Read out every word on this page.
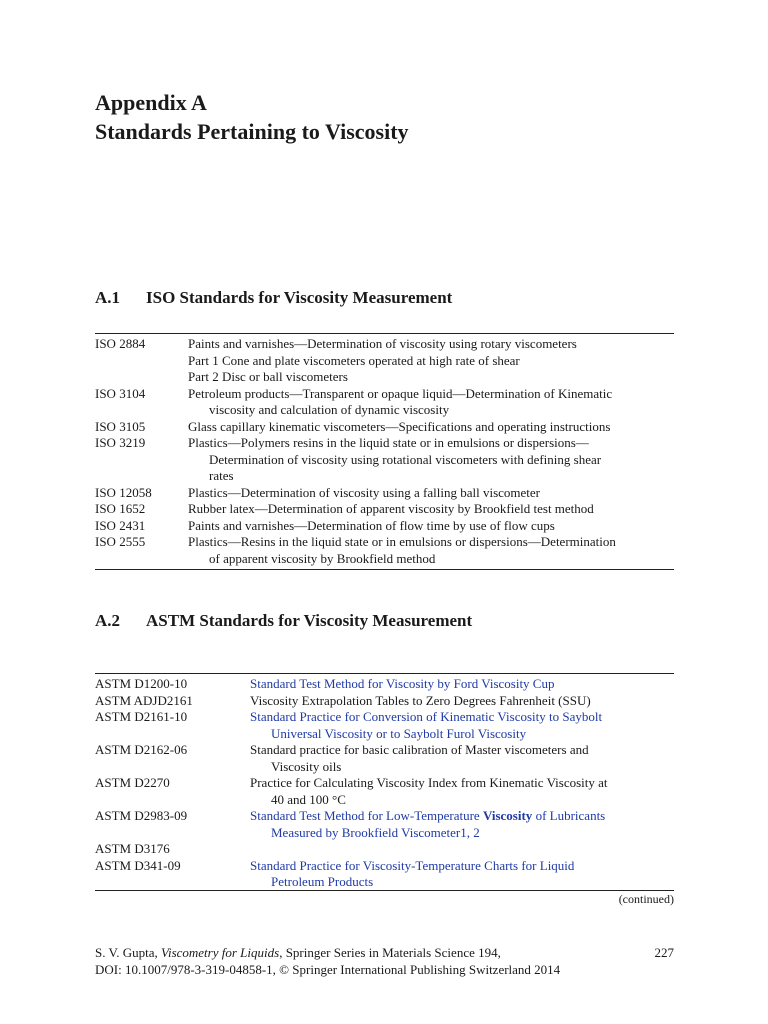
Appendix A
Standards Pertaining to Viscosity
A.1 ISO Standards for Viscosity Measurement
ISO 2884	Paints and varnishes—Determination of viscosity using rotary viscometers
Part 1 Cone and plate viscometers operated at high rate of shear
Part 2 Disc or ball viscometers
ISO 3104	Petroleum products—Transparent or opaque liquid—Determination of Kinematic
viscosity and calculation of dynamic viscosity
ISO 3105	Glass capillary kinematic viscometers—Specifications and operating instructions
ISO 3219	Plastics—Polymers resins in the liquid state or in emulsions or dispersions—
Determination of viscosity using rotational viscometers with defining shear
rates
ISO 12058	Plastics—Determination of viscosity using a falling ball viscometer
ISO 1652	Rubber latex—Determination of apparent viscosity by Brookfield test method
ISO 2431	Paints and varnishes—Determination of flow time by use of flow cups
ISO 2555	Plastics—Resins in the liquid state or in emulsions or dispersions—Determination
of apparent viscosity by Brookfield method
A.2 ASTM Standards for Viscosity Measurement
ASTM D1200-10	Standard Test Method for Viscosity by Ford Viscosity Cup
ASTM ADJD2161	Viscosity Extrapolation Tables to Zero Degrees Fahrenheit (SSU)
ASTM D2161-10	Standard Practice for Conversion of Kinematic Viscosity to Saybolt
Universal Viscosity or to Saybolt Furol Viscosity
ASTM D2162-06	Standard practice for basic calibration of Master viscometers and
Viscosity oils
ASTM D2270	Practice for Calculating Viscosity Index from Kinematic Viscosity at
40 and 100 °C
ASTM D2983-09	Standard Test Method for Low-Temperature Viscosity of Lubricants
Measured by Brookfield Viscometer1, 2
ASTM D3176

ASTM D341-09	Standard Practice for Viscosity-Temperature Charts for Liquid
Petroleum Products
(continued)
S. V. Gupta, Viscometry for Liquids, Springer Series in Materials Science 194,
DOI: 10.1007/978-3-319-04858-1, © Springer International Publishing Switzerland 2014
227
